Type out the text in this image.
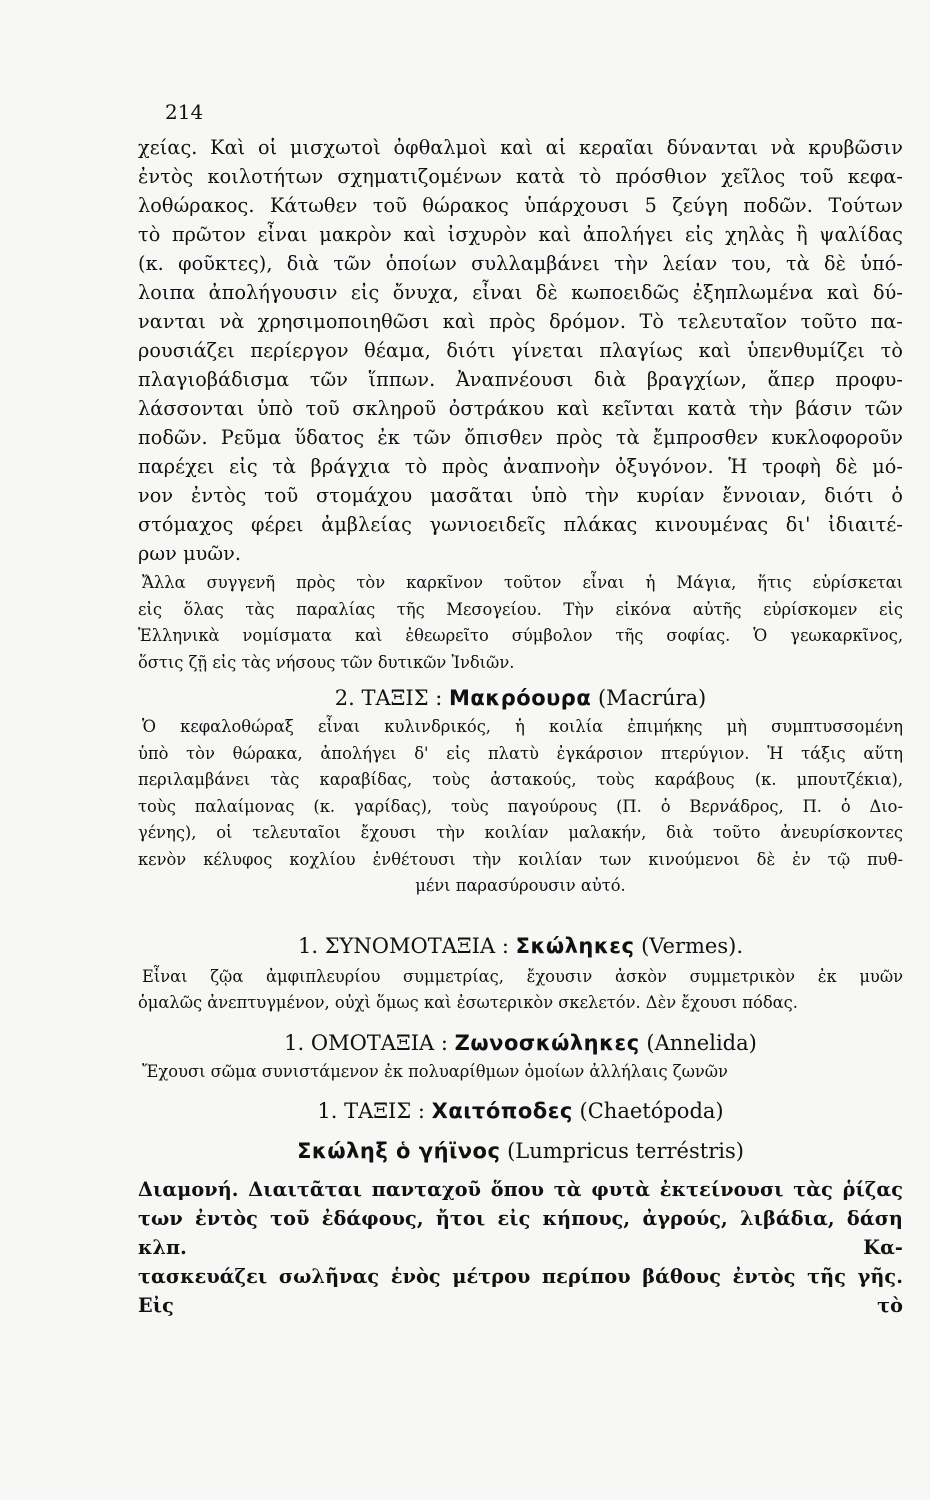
214

χείας. Καὶ οἱ μισχωτοὶ ὀφθαλμοὶ καὶ αἱ κεραῖαι δύνανται νὰ κρυβῶσιν

ἐντὸς κοιλοτήτων σχηματιζομένων κατὰ τὸ πρόσθιον χεῖλος τοῦ κεφα-

λοθώρακος. Κάτωθεν τοῦ θώρακος ὑπάρχουσι 5 ζεύγη ποδῶν. Τούτων

τὸ πρῶτον εἶναι μακρὸν καὶ ἰσχυρὸν καὶ ἀπολήγει εἰς χηλὰς ἢ ψαλίδας

(κ. φοῦκτες), διὰ τῶν ὁποίων συλλαμβάνει τὴν λείαν του, τὰ δὲ ὑπό-

λοιπα ἀπολήγουσιν εἰς ὄνυχα, εἶναι δὲ κωποειδῶς ἐξηπλωμένα καὶ δύ-

νανται νὰ χρησιμοποιηθῶσι καὶ πρὸς δρόμον. Τὸ τελευταῖον τοῦτο πα-

ρουσιάζει περίεργον θέαμα, διότι γίνεται πλαγίως καὶ ὑπενθυμίζει τὸ

πλαγιοβάδισμα τῶν ἵππων. Ἀναπνέουσι διὰ βραγχίων, ἅπερ προφυ-

λάσσονται ὑπὸ τοῦ σκληροῦ ὀστράκου καὶ κεῖνται κατὰ τὴν βάσιν τῶν

ποδῶν. Ρεῦμα ὕδατος ἐκ τῶν ὄπισθεν πρὸς τὰ ἔμπροσθεν κυκλοφοροῦν

παρέχει εἰς τὰ βράγχια τὸ πρὸς ἀναπνοὴν ὀξυγόνον. Ἡ τροφὴ δὲ μό-

νον ἐντὸς τοῦ στομάχου μασᾶται ὑπὸ τὴν κυρίαν ἔννοιαν, διότι ὁ

στόμαχος φέρει ἀμβλείας γωνιοειδεῖς πλάκας κινουμένας δι' ἰδιαιτέ-

ρων μυῶν.

Ἄλλα συγγενῆ πρὸς τὸν καρκῖνον τοῦτον εἶναι ἡ Μάγια, ἥτις εὑρίσκεται

εἰς ὅλας τὰς παραλίας τῆς Μεσογείου. Τὴν εἰκόνα αὐτῆς εὑρίσκομεν εἰς

Ἑλληνικὰ νομίσματα καὶ ἐθεωρεῖτο σύμβολον τῆς σοφίας. Ὁ γεωκαρκῖνος,

ὅστις ζῇ εἰς τὰς νήσους τῶν δυτικῶν Ἰνδιῶν.

2. ΤΑΞΙΣ : Μακρόουρα (Macrúra)

Ὁ κεφαλοθώραξ εἶναι κυλινδρικός, ἡ κοιλία ἐπιμήκης μὴ συμπτυσσομένη

ὑπὸ τὸν θώρακα, ἀπολήγει δ' εἰς πλατὺ ἐγκάρσιον πτερύγιον. Ἡ τάξις αὕτη

περιλαμβάνει τὰς καραβίδας, τοὺς ἀστακούς, τοὺς καράβους (κ. μπουτζέκια),

τοὺς παλαίμονας (κ. γαρίδας), τοὺς παγούρους (Π. ὁ Βερνάδρος, Π. ὁ Διο-

γένης), οἱ τελευταῖοι ἔχουσι τὴν κοιλίαν μαλακήν, διὰ τοῦτο ἀνευρίσκοντες

κενὸν κέλυφος κοχλίου ἐνθέτουσι τὴν κοιλίαν των κινούμενοι δὲ ἐν τῷ πυθ-

μένι παρασύρουσιν αὐτό.

1. ΣΥΝΟΜΟΤΑΞΙΑ : Σκώληκες (Vermes).

Εἶναι ζῷα ἀμφιπλευρίου συμμετρίας, ἔχουσιν ἀσκὸν συμμετρικὸν ἐκ μυῶν

ὁμαλῶς ἀνεπτυγμένον, οὐχὶ ὅμως καὶ ἐσωτερικὸν σκελετόν. Δὲν ἔχουσι πόδας.

1. ΟΜΟΤΑΞΙΑ : Ζωνοσκώληκες (Annelida)

Ἔχουσι σῶμα συνιστάμενον ἐκ πολυαρίθμων ὁμοίων ἀλλήλαις ζωνῶν

1. ΤΑΞΙΣ : Χαιτόποδες (Chaetópoda)
Σκώληξ ὁ γήϊνος (Lumpricus terréstris)

Διαμονή. Διαιτᾶται πανταχοῦ ὅπου τὰ φυτὰ ἐκτείνουσι τὰς ῥίζας

των ἐντὸς τοῦ ἐδάφους, ἤτοι εἰς κήπους, ἀγρούς, λιβάδια, δάση κλπ. Κα-

τασκευάζει σωλῆνας ἑνὸς μέτρου περίπου βάθους ἐντὸς τῆς γῆς. Εἰς τὸ
